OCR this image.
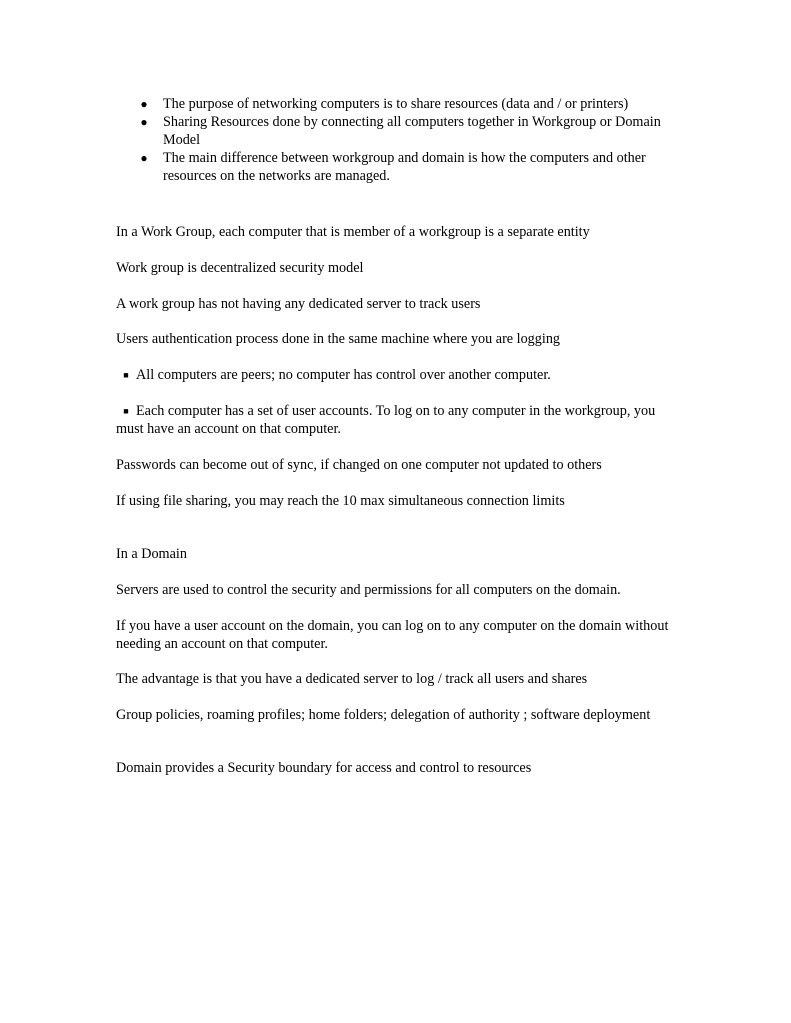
● The purpose of networking computers is to share resources (data and / or printers)
● Sharing Resources done by connecting all computers together in Workgroup or Domain Model
● The main difference between workgroup and domain is how the computers and other resources on the networks are managed.

In a Work Group, each computer that is member of a workgroup is a separate entity

Work group is decentralized security model

A work group has not having any dedicated server to track users

Users authentication process done in the same machine where you are logging

■ All computers are peers; no computer has control over another computer.

■ Each computer has a set of user accounts. To log on to any computer in the workgroup, you must have an account on that computer.

Passwords can become out of sync, if changed on one computer not updated to others

If using file sharing, you may reach the 10 max simultaneous connection limits

In a Domain

Servers are used to control the security and permissions for all computers on the domain.

If you have a user account on the domain, you can log on to any computer on the domain without needing an account on that computer.

The advantage is that you have a dedicated server to log / track all users and shares

Group policies, roaming profiles; home folders; delegation of authority ; software deployment

Domain provides a Security boundary for access and control to resources
